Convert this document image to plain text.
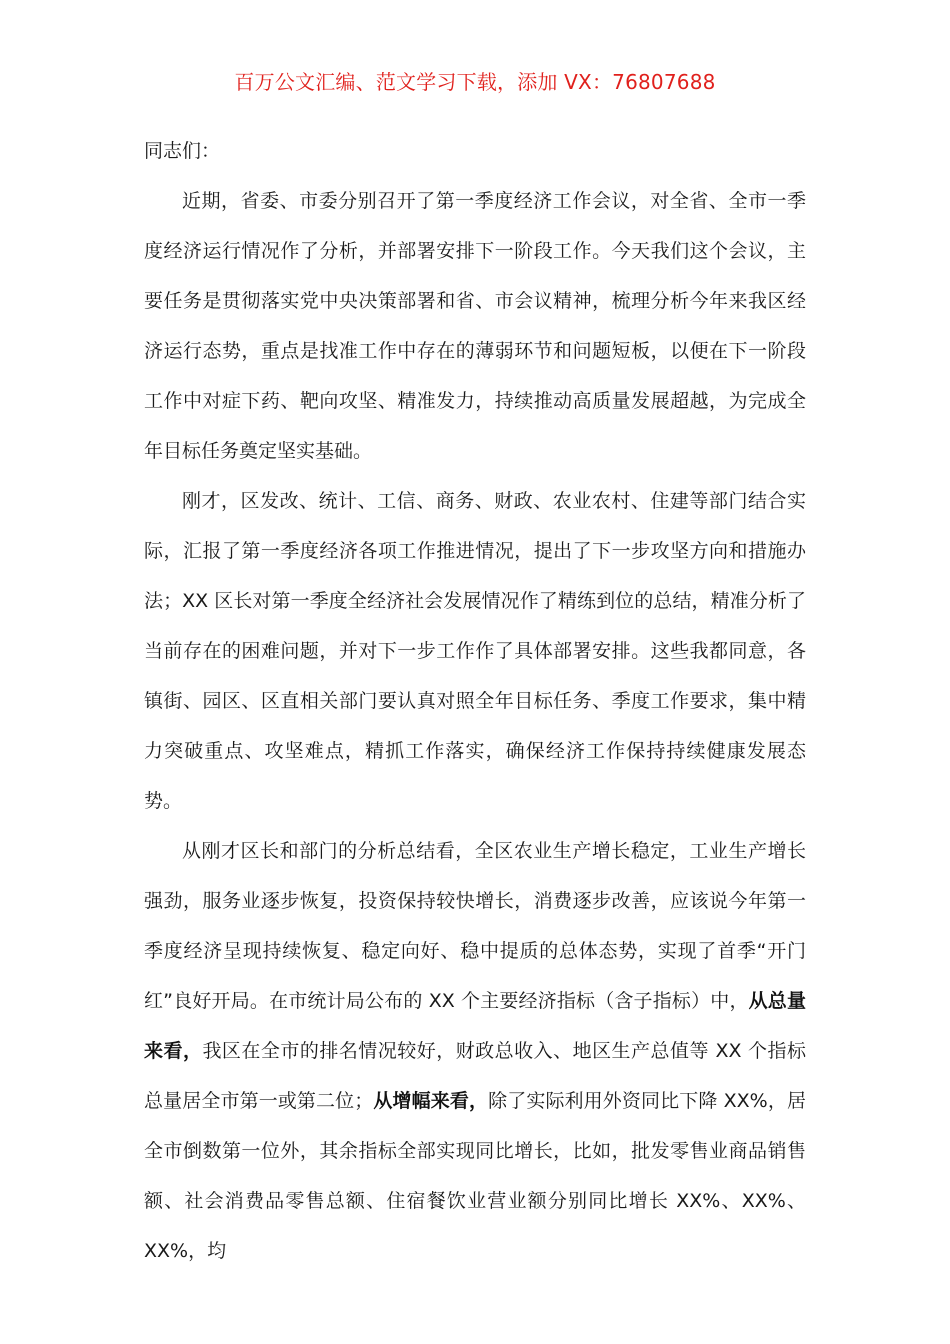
百万公文汇编、范文学习下载，添加 VX：76807688

同志们：

近期，省委、市委分别召开了第一季度经济工作会议，对全省、全市一季度经济运行情况作了分析，并部署安排下一阶段工作。今天我们这个会议，主要任务是贯彻落实党中央决策部署和省、市会议精神，梳理分析今年来我区经济运行态势，重点是找准工作中存在的薄弱环节和问题短板，以便在下一阶段工作中对症下药、靶向攻坚、精准发力，持续推动高质量发展超越，为完成全年目标任务奠定坚实基础。

刚才，区发改、统计、工信、商务、财政、农业农村、住建等部门结合实际，汇报了第一季度经济各项工作推进情况，提出了下一步攻坚方向和措施办法；XX 区长对第一季度全经济社会发展情况作了精练到位的总结，精准分析了当前存在的困难问题，并对下一步工作作了具体部署安排。这些我都同意，各镇街、园区、区直相关部门要认真对照全年目标任务、季度工作要求，集中精力突破重点、攻坚难点，精抓工作落实，确保经济工作保持持续健康发展态势。

从刚才区长和部门的分析总结看，全区农业生产增长稳定，工业生产增长强劲，服务业逐步恢复，投资保持较快增长，消费逐步改善，应该说今年第一季度经济呈现持续恢复、稳定向好、稳中提质的总体态势，实现了首季“开门红”良好开局。在市统计局公布的 XX 个主要经济指标（含子指标）中，从总量来看，我区在全市的排名情况较好，财政总收入、地区生产总值等 XX 个指标总量居全市第一或第二位；从增幅来看，除了实际利用外资同比下降 XX%，居全市倒数第一位外，其余指标全部实现同比增长，比如，批发零售业商品销售额、社会消费品零售总额、住宿餐饮业营业额分别同比增长 XX%、XX%、XX%，均
